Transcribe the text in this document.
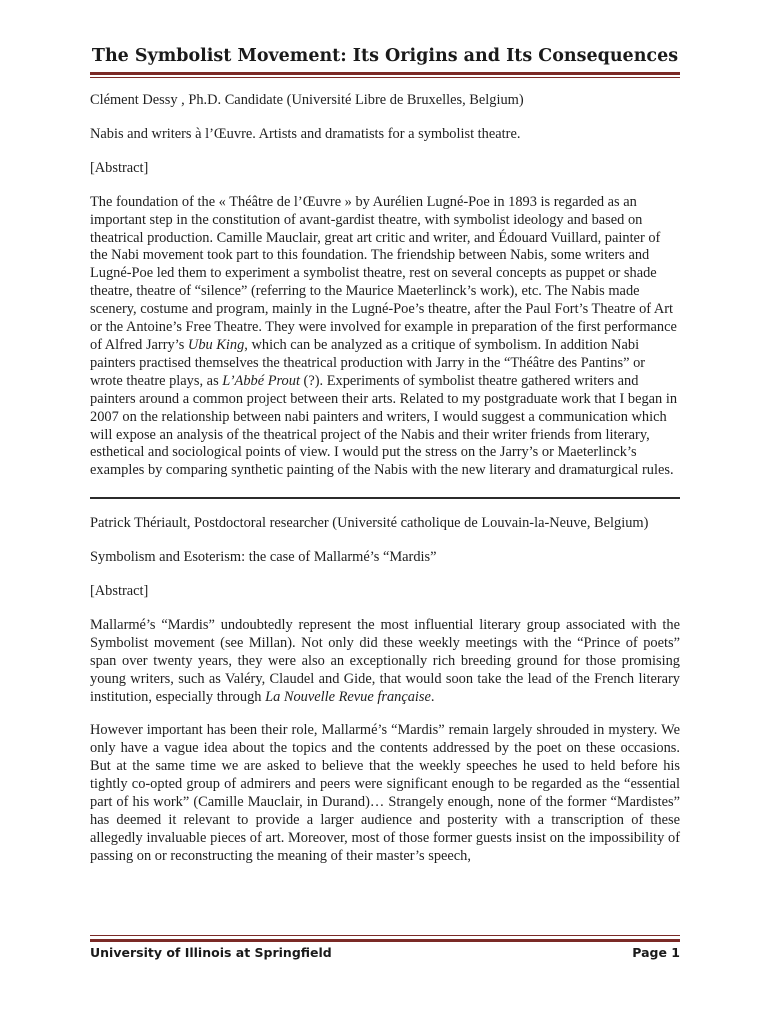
The Symbolist Movement: Its Origins and Its Consequences

Clément Dessy , Ph.D. Candidate (Université Libre de Bruxelles, Belgium)

Nabis and writers à l’Œuvre. Artists and dramatists for a symbolist theatre.

[Abstract]

The foundation of the « Théâtre de l’Œuvre » by Aurélien Lugné-Poe in 1893 is regarded as an important step in the constitution of avant-gardist theatre, with symbolist ideology and based on theatrical production. Camille Mauclair, great art critic and writer, and Édouard Vuillard, painter of the Nabi movement took part to this foundation. The friendship between Nabis, some writers and Lugné-Poe led them to experiment a symbolist theatre, rest on several concepts as puppet or shade theatre, theatre of “silence” (referring to the Maurice Maeterlinck’s work), etc. The Nabis made scenery, costume and program, mainly in the Lugné-Poe’s theatre, after the Paul Fort’s Theatre of Art or the Antoine’s Free Theatre. They were involved for example in preparation of the first performance of Alfred Jarry’s Ubu King, which can be analyzed as a critique of symbolism. In addition Nabi painters practised themselves the theatrical production with Jarry in the “Théâtre des Pantins” or wrote theatre plays, as L’Abbé Prout (?). Experiments of symbolist theatre gathered writers and painters around a common project between their arts. Related to my postgraduate work that I began in 2007 on the relationship between nabi painters and writers, I would suggest a communication which will expose an analysis of the theatrical project of the Nabis and their writer friends from literary, esthetical and sociological points of view. I would put the stress on the Jarry’s or Maeterlinck’s examples by comparing synthetic painting of the Nabis with the new literary and dramaturgical rules.

Patrick Thériault, Postdoctoral researcher (Université catholique de Louvain-la-Neuve, Belgium)

Symbolism and Esoterism: the case of Mallarmé’s “Mardis”

[Abstract]

Mallarmé’s “Mardis” undoubtedly represent the most influential literary group associated with the Symbolist movement (see Millan). Not only did these weekly meetings with the “Prince of poets” span over twenty years, they were also an exceptionally rich breeding ground for those promising young writers, such as Valéry, Claudel and Gide, that would soon take the lead of the French literary institution, especially through La Nouvelle Revue française.

However important has been their role, Mallarmé’s “Mardis” remain largely shrouded in mystery. We only have a vague idea about the topics and the contents addressed by the poet on these occasions. But at the same time we are asked to believe that the weekly speeches he used to held before his tightly co-opted group of admirers and peers were significant enough to be regarded as the “essential part of his work” (Camille Mauclair, in Durand)… Strangely enough, none of the former “Mardistes” has deemed it relevant to provide a larger audience and posterity with a transcription of these allegedly invaluable pieces of art. Moreover, most of those former guests insist on the impossibility of passing on or reconstructing the meaning of their master’s speech,

University of Illinois at Springfield	Page 1
